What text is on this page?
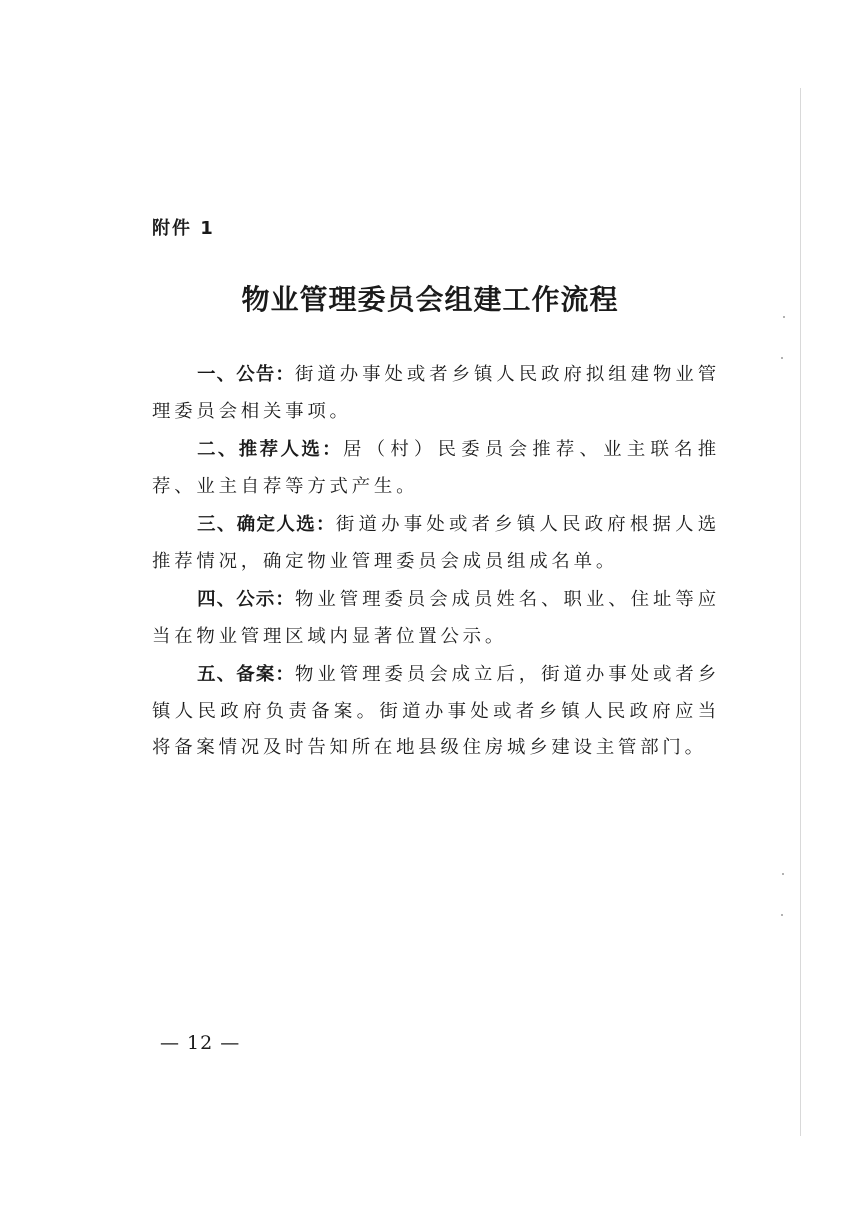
附件 1
物业管理委员会组建工作流程

一、公告：街道办事处或者乡镇人民政府拟组建物业管理委员会相关事项。

二、推荐人选：居（村）民委员会推荐、业主联名推荐、业主自荐等方式产生。

三、确定人选：街道办事处或者乡镇人民政府根据人选推荐情况，确定物业管理委员会成员组成名单。

四、公示：物业管理委员会成员姓名、职业、住址等应当在物业管理区域内显著位置公示。

五、备案：物业管理委员会成立后，街道办事处或者乡镇人民政府负责备案。街道办事处或者乡镇人民政府应当将备案情况及时告知所在地县级住房城乡建设主管部门。

— 12 —
